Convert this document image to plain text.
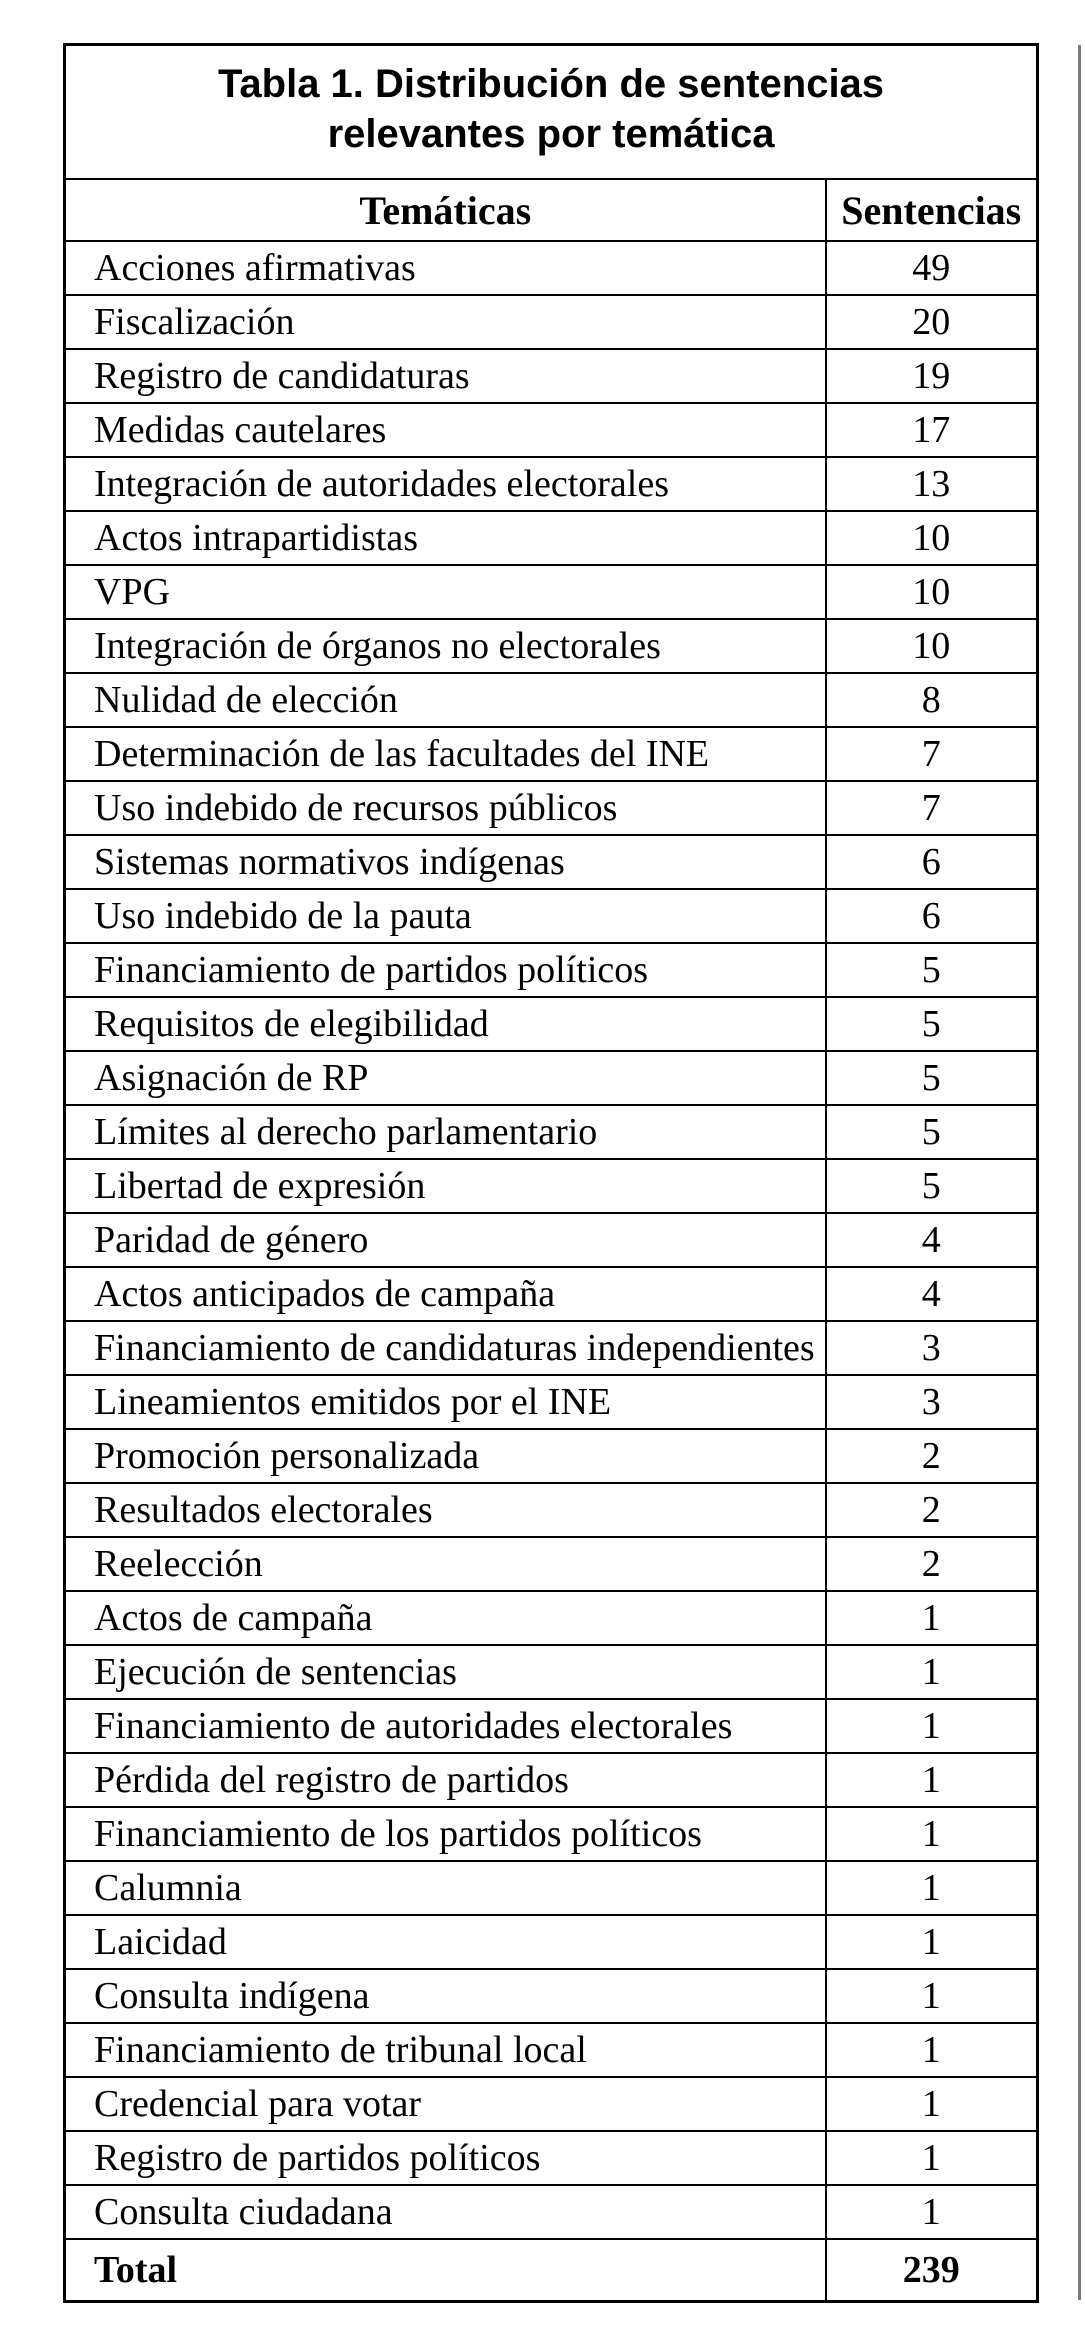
Tabla 1. Distribución de sentencias
relevantes por temática	

Temáticas	Sentencias
Acciones afirmativas	49
Fiscalización	20
Registro de candidaturas	19
Medidas cautelares	17
Integración de autoridades electorales	13
Actos intrapartidistas	10
VPG	10
Integración de órganos no electorales	10
Nulidad de elección	8
Determinación de las facultades del INE	7
Uso indebido de recursos públicos	7
Sistemas normativos indígenas	6
Uso indebido de la pauta	6
Financiamiento de partidos políticos	5
Requisitos de elegibilidad	5
Asignación de RP	5
Límites al derecho parlamentario	5
Libertad de expresión	5
Paridad de género	4
Actos anticipados de campaña	4
Financiamiento de candidaturas independientes	3
Lineamientos emitidos por el INE	3
Promoción personalizada	2
Resultados electorales	2
Reelección	2
Actos de campaña	1
Ejecución de sentencias	1
Financiamiento de autoridades electorales	1
Pérdida del registro de partidos	1
Financiamiento de los partidos políticos	1
Calumnia	1
Laicidad	1
Consulta indígena	1
Financiamiento de tribunal local	1
Credencial para votar	1
Registro de partidos políticos	1
Consulta ciudadana	1
Total	239
